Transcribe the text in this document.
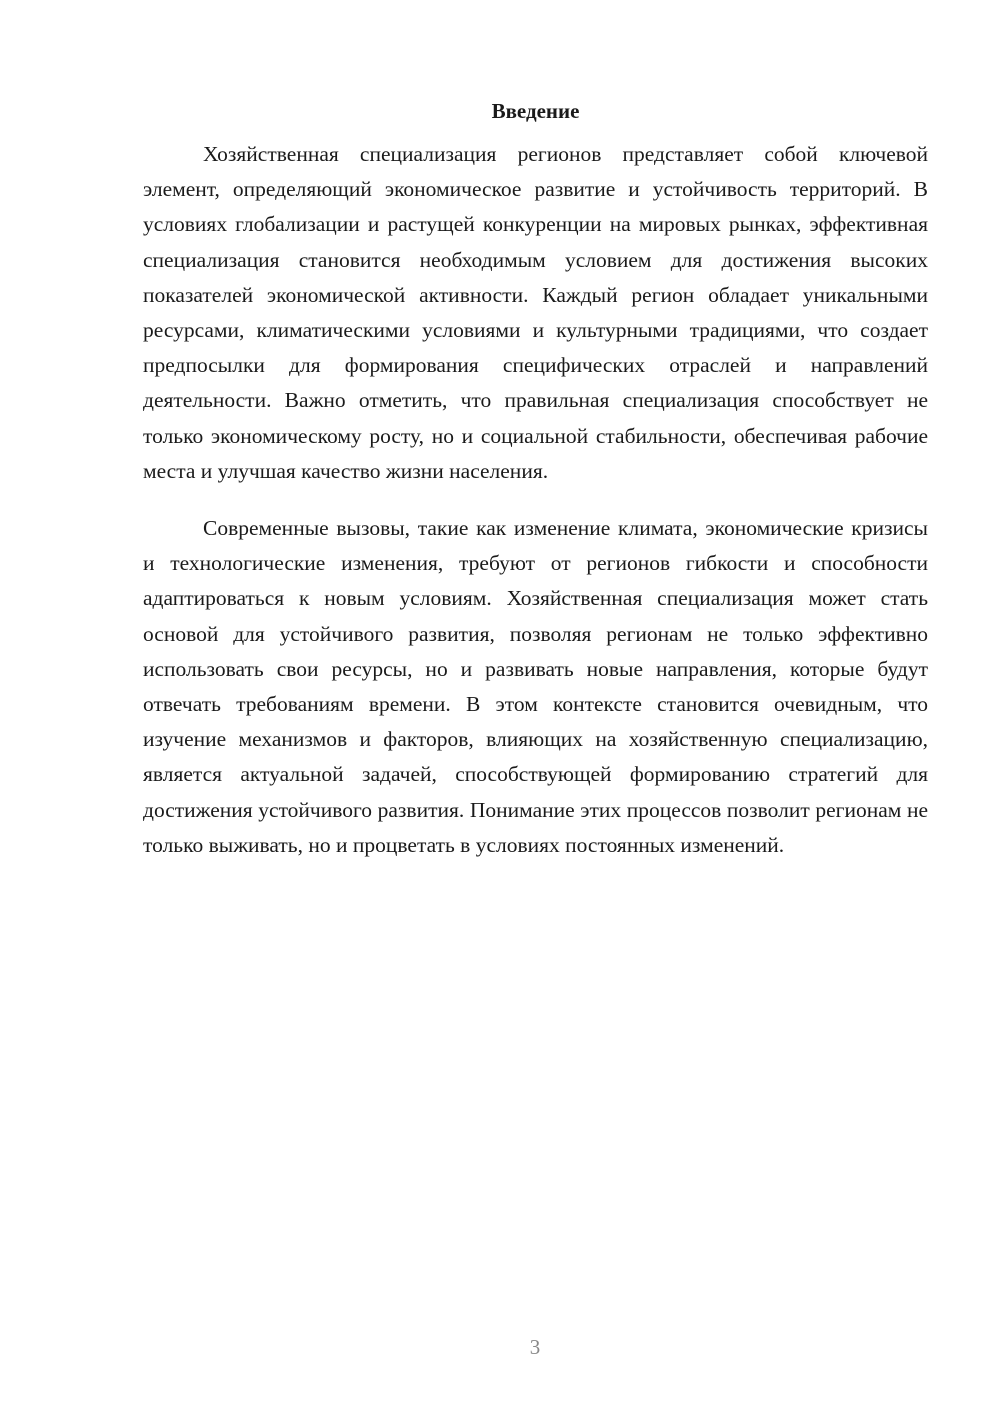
Введение

Хозяйственная специализация регионов представляет собой ключевой элемент, определяющий экономическое развитие и устойчивость территорий. В условиях глобализации и растущей конкуренции на мировых рынках, эффективная специализация становится необходимым условием для достижения высоких показателей экономической активности. Каждый регион обладает уникальными ресурсами, климатическими условиями и культурными традициями, что создает предпосылки для формирования специфических отраслей и направлений деятельности. Важно отметить, что правильная специализация способствует не только экономическому росту, но и социальной стабильности, обеспечивая рабочие места и улучшая качество жизни населения.

Современные вызовы, такие как изменение климата, экономические кризисы и технологические изменения, требуют от регионов гибкости и способности адаптироваться к новым условиям. Хозяйственная специализация может стать основой для устойчивого развития, позволяя регионам не только эффективно использовать свои ресурсы, но и развивать новые направления, которые будут отвечать требованиям времени. В этом контексте становится очевидным, что изучение механизмов и факторов, влияющих на хозяйственную специализацию, является актуальной задачей, способствующей формированию стратегий для достижения устойчивого развития. Понимание этих процессов позволит регионам не только выживать, но и процветать в условиях постоянных изменений.

3
